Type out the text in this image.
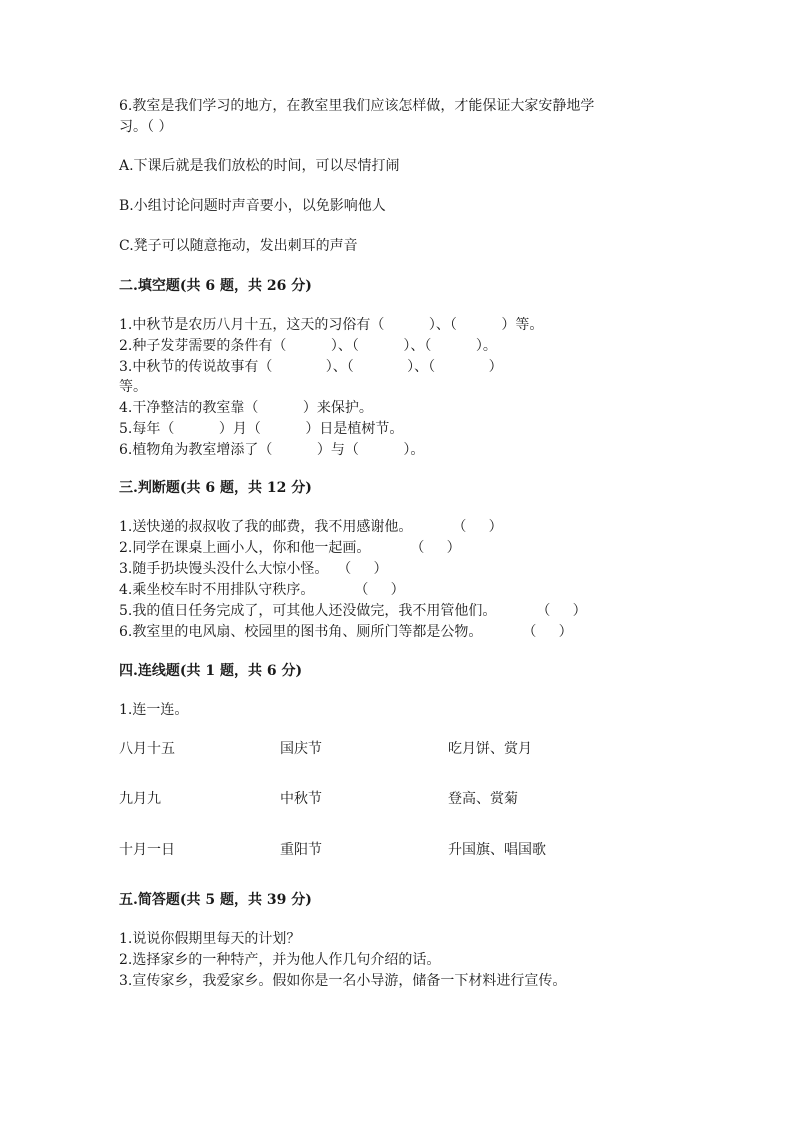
6.教室是我们学习的地方，在教室里我们应该怎样做，才能保证大家安静地学
习。（ ）
A.下课后就是我们放松的时间，可以尽情打闹
B.小组讨论问题时声音要小，以免影响他人
C.凳子可以随意拖动，发出刺耳的声音
二.填空题(共 6 题，共 26 分)
1.中秋节是农历八月十五，这天的习俗有（          ）、（          ）等。
2.种子发芽需要的条件有（          ）、（          ）、（          ）。
3.中秋节的传说故事有（            ）、（            ）、（            ）
等。
4.干净整洁的教室靠（          ）来保护。
5.每年（          ）月（          ）日是植树节。
6.植物角为教室增添了（          ）与（          ）。
三.判断题(共 6 题，共 12 分)
1.送快递的叔叔收了我的邮费，我不用感谢他。         （     ）
2.同学在课桌上画小人，你和他一起画。         （     ）
3.随手扔块馒头没什么大惊小怪。  （     ）
4.乘坐校车时不用排队守秩序。         （     ）
5.我的值日任务完成了，可其他人还没做完，我不用管他们。         （     ）
6.教室里的电风扇、校园里的图书角、厕所门等都是公物。         （     ）
四.连线题(共 1 题，共 6 分)
1.连一连。
八月十五	国庆节	吃月饼、赏月
九月九	中秋节	登高、赏菊
十月一日	重阳节	升国旗、唱国歌
五.简答题(共 5 题，共 39 分)
1.说说你假期里每天的计划？
2.选择家乡的一种特产，并为他人作几句介绍的话。
3.宣传家乡，我爱家乡。假如你是一名小导游，储备一下材料进行宣传。
